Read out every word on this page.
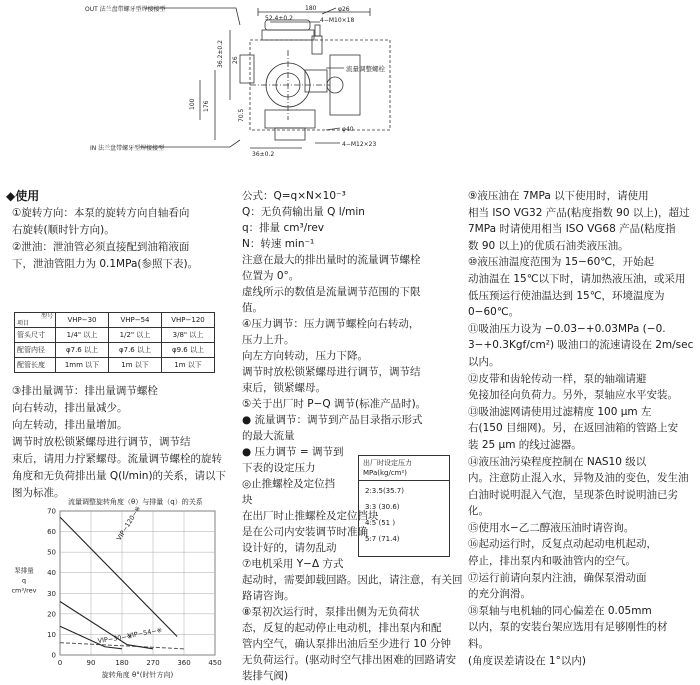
OUT 法兰盘带螺牙型焊接接型
IN 法兰盘带螺牙型焊接接型
180	φ26
52.4±0.2	4−M10×18
流量调整螺栓
φ40
4−M12×23
36±0.2
36.2±0.2
176
100
26
70.5
◆使用
①旋转方向：本泵的旋转方向自轴看向
右旋转(顺时针方向)。
②泄油：泄油管必须直接配到油箱液面
下，泄油管阻力为 0.1MPa(参照下表)。
型号
项目	VHP−30	VHP−54	VHP−120
管头尺寸	1/4" 以上	1/2" 以上	3/8" 以上
配管内径	φ7.6 以上	φ7.6 以上	φ9.6 以上
配管长度	1mm 以下	1m 以下	1m 以下
③排出量调节：排出量调节螺栓
向右转动，排出量减少。
向左转动，排出量增加。
调节时放松锁紧螺母进行调节，调节结
束后，请用力拧紧螺母。流量调节螺栓的旋转
角度和无负荷排出量 Q(l/min)的关系，请以下
图为标准。
流量调整旋转角度（θ）与排量（q）的关系
0	90	180	270	360	450
0
10
20
30
40
50
60
70
泵排量
q
cm³/rev
旋转角度 θ°(时针方向)
VIP−120−※
VIP−54−※
VIP−30−※
公式：Q=q×N×10⁻³
Q：无负荷输出量 Q l/min
q：排量 cm³/rev
N：转速 min⁻¹
注意在最大的排出量时的流量调节螺栓
位置为 0°。
虚线所示的数值是流量调节范围的下限
值。
④压力调节：压力调节螺栓向右转动，
压力上升。
向左方向转动，压力下降。
调节时放松锁紧螺母进行调节，调节结
束后，锁紧螺母。
⑤关于出厂时 P−Q 调节(标准产品时)。
● 流量调节：调节到产品目录指示形式
的最大流量
● 压力调节 = 调节到
下表的设定压力
◎止推螺栓及定位挡
块
在出厂时止推螺栓及定位挡块
是在公司内安装调节时准确
设计好的，请勿乱动
⑦电机采用 Y−Δ 方式
起动时，需要卸载回路。因此，请注意，有关回
路请咨询。
⑧泵初次运行时，泵排出侧为无负荷状
态，反复的起动停止电动机，排出泵内和配
管内空气，确认泵排出油后至少进行 10 分钟
无负荷运行。(驱动时空气排出困难的回路请安
装排气阀)
出厂时设定压力
MPa(kg/cm²)
2:3.5(35.7)
3:3 (30.6)
4:5 (51 )
5:7 (71.4)
⑨液压油在 7MPa 以下使用时，请使用
相当 ISO VG32 产品(粘度指数 90 以上)，超过
7MPa 时请使用相当 ISO VG68 产品(粘度指
数 90 以上)的优质石油类液压油。
⑩液压油温度范围为 15−60℃，开始起
动油温在 15℃以下时，请加热液压油，或采用
低压预运行使油温达到 15℃，环境温度为
0−60℃。
⑪吸油压力设为 −0.03−+0.03MPa (−0.
3−+0.3Kgf/cm²) 吸油口的流速请设在 2m/sec
以内。
⑫皮带和齿轮传动一样，泵的轴端请避
免接加径向负荷力。另外，泵轴应水平安装。
⑬吸油滤网请使用过滤精度 100 μm 左
右(150 目细网)。另，在返回油箱的管路上安
装 25 μm 的线过滤器。
⑭液压油污染程度控制在 NAS10 级以
内。注意防止混入水，异物及油的变色，发生油
白油时说明混入气泡，呈现茶色时说明油已劣
化。
⑮使用水−乙二醇液压油时请咨询。
⑯起动运行时，反复点动起动电机起动，
停止，排出泵内和吸油管内的空气。
⑰运行前请向泵内注油，确保泵滑动面
的充分润滑。
⑱泵轴与电机轴的同心偏差在 0.05mm
以内，泵的安装台架应选用有足够刚性的材
料。
(角度误差请设在 1°以内)
